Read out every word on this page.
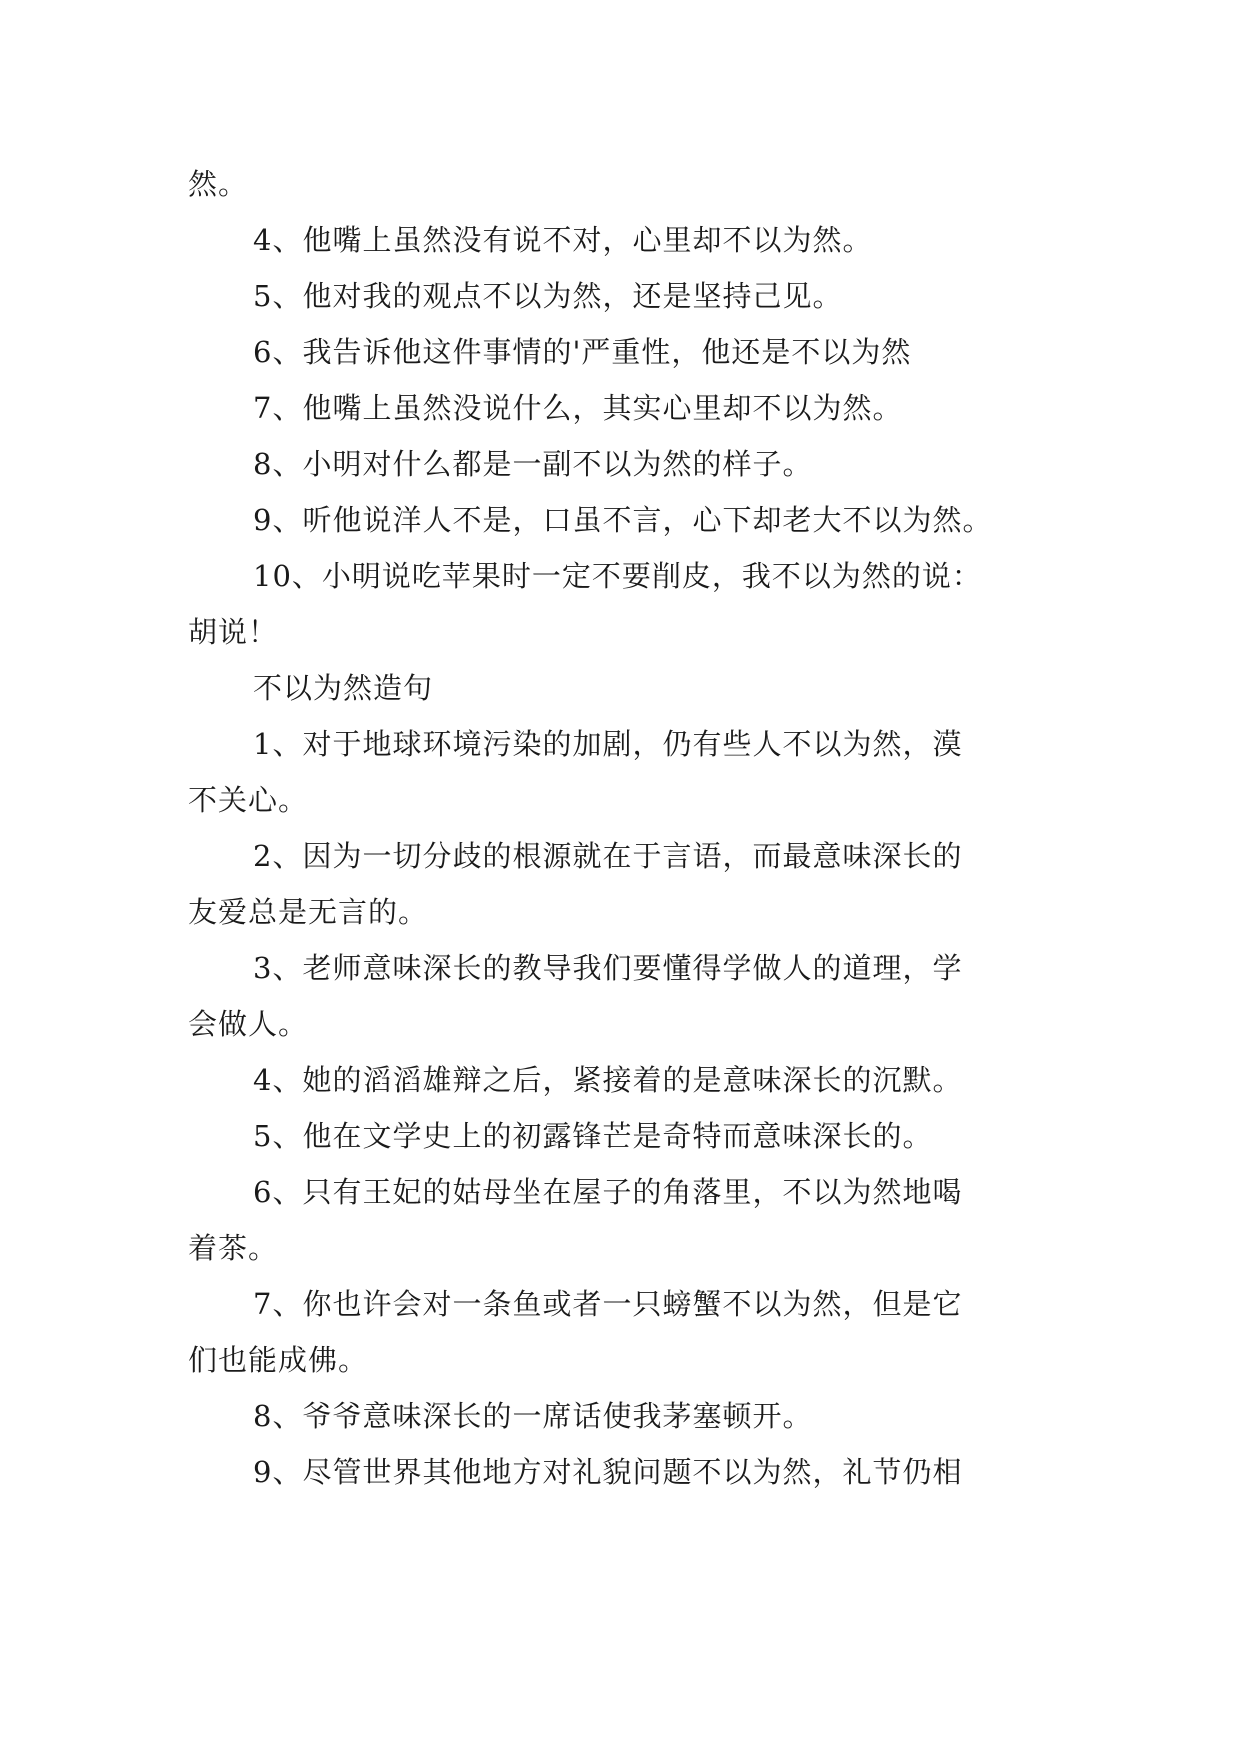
然。
4、他嘴上虽然没有说不对，心里却不以为然。
5、他对我的观点不以为然，还是坚持己见。
6、我告诉他这件事情的'严重性，他还是不以为然
7、他嘴上虽然没说什么，其实心里却不以为然。
8、小明对什么都是一副不以为然的样子。
9、听他说洋人不是，口虽不言，心下却老大不以为然。
10、小明说吃苹果时一定不要削皮，我不以为然的说：
胡说！
不以为然造句
1、对于地球环境污染的加剧，仍有些人不以为然，漠
不关心。
2、因为一切分歧的根源就在于言语，而最意味深长的
友爱总是无言的。
3、老师意味深长的教导我们要懂得学做人的道理，学
会做人。
4、她的滔滔雄辩之后，紧接着的是意味深长的沉默。
5、他在文学史上的初露锋芒是奇特而意味深长的。
6、只有王妃的姑母坐在屋子的角落里，不以为然地喝
着茶。
7、你也许会对一条鱼或者一只螃蟹不以为然，但是它
们也能成佛。
8、爷爷意味深长的一席话使我茅塞顿开。
9、尽管世界其他地方对礼貌问题不以为然，礼节仍相
